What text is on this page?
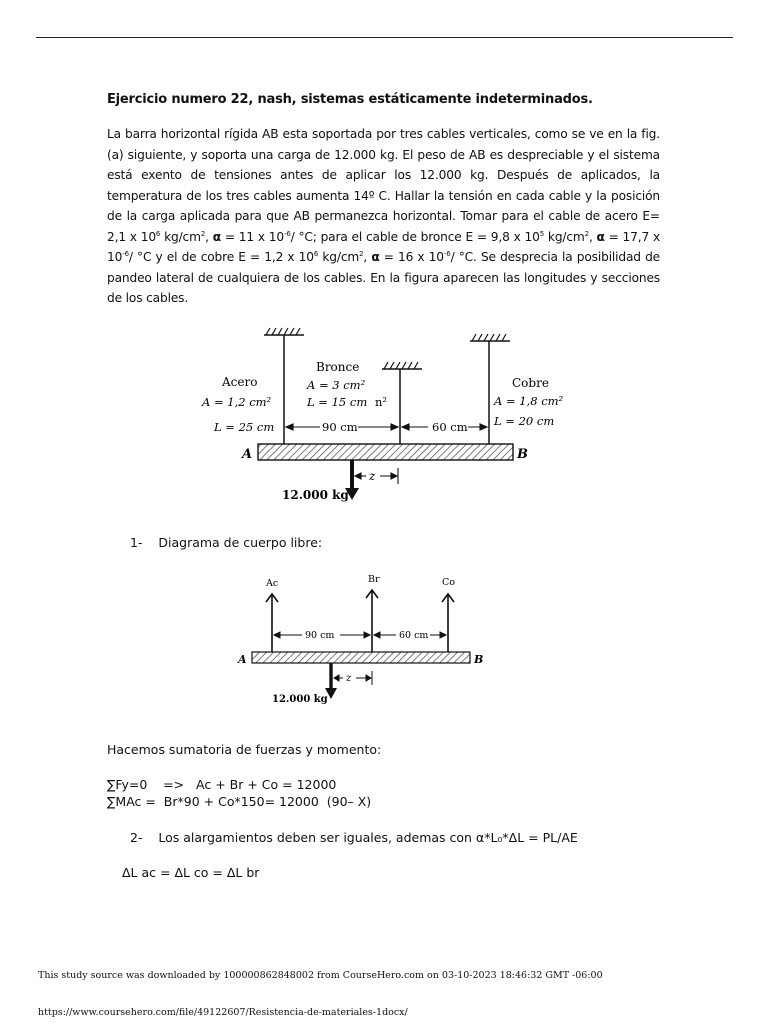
Ejercicio numero 22, nash, sistemas estáticamente indeterminados.
La barra horizontal rígida AB esta soportada por tres cables verticales, como se ve en la fig. (a) siguiente, y soporta una carga de 12.000 kg. El peso de AB es despreciable y el sistema está exento de tensiones antes de aplicar los 12.000 kg. Después de aplicados, la temperatura de los tres cables aumenta 14º C. Hallar la tensión en cada cable y la posición de la carga aplicada para que AB permanezca horizontal. Tomar para el cable de acero E= 2,1 x $10^6$ $kg/cm^2$, α = 11 x $10^{-6}/$ °C; para el cable de bronce E = 9,8 x $10^5$ $kg/cm^2$, α = 17,7 x $10^{-6}/$ °C y el de cobre E = 1,2 x $10^6$ $kg/cm^2$, α = 16 x $10^{-6}/$ °C. Se desprecia la posibilidad de pandeo lateral de cualquiera de los cables. En la figura aparecen las longitudes y secciones de los cables.
Acero
A = 1,2 cm²
L = 25 cm
Bronce
A = 3 cm²
L = 15 cm n²
Cobre
A = 1,8 cm²
L = 20 cm
90 cm	60 cm
A	B
z
12.000 kg
1- Diagrama de cuerpo libre:
Ac	Br	Co
90 cm	60 cm
A	B
z
12.000 kg
Hacemos sumatoria de fuerzas y momento:
∑Fy=0    =>   Ac + Br + Co = 12000
∑MAc =  Br*90 + Co*150= 12000  (90– X)
2- Los alargamientos deben ser iguales, ademas con α*L₀*ΔL = PL/AE
ΔL ac = ΔL co = ΔL br
This study source was downloaded by 100000862848002 from CourseHero.com on 03-10-2023 18:46:32 GMT -06:00
https://www.coursehero.com/file/49122607/Resistencia-de-materiales-1docx/
